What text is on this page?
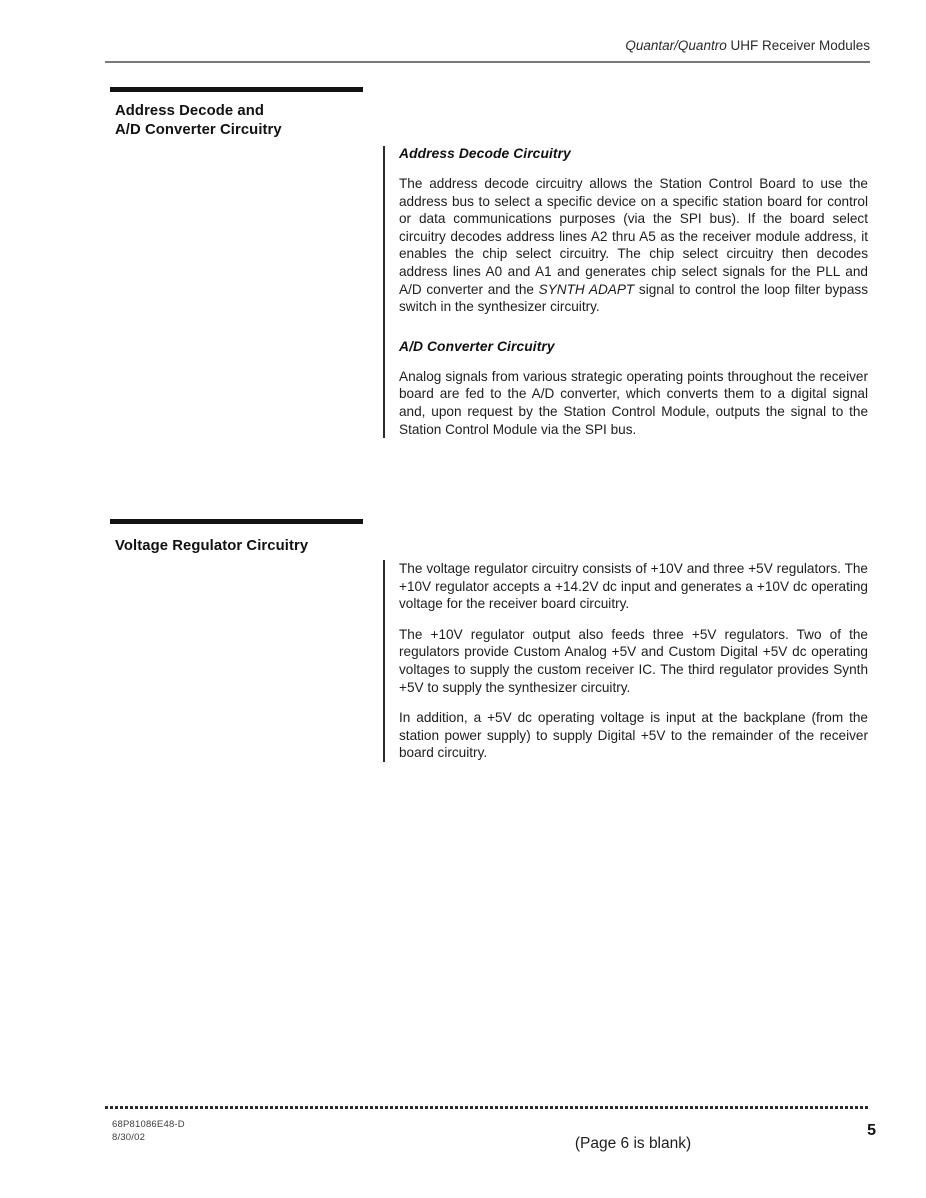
Quantar/Quantro UHF Receiver Modules
Address Decode and
A/D Converter Circuitry
Address Decode Circuitry

The address decode circuitry allows the Station Control Board to use the address bus to select a specific device on a specific station board for control or data communications purposes (via the SPI bus). If the board select circuitry decodes address lines A2 thru A5 as the receiver module address, it enables the chip select circuitry. The chip select circuitry then decodes address lines A0 and A1 and generates chip select signals for the PLL and A/D converter and the SYNTH ADAPT signal to control the loop filter bypass switch in the synthesizer circuitry.

A/D Converter Circuitry

Analog signals from various strategic operating points throughout the receiver board are fed to the A/D converter, which converts them to a digital signal and, upon request by the Station Control Module, outputs the signal to the Station Control Module via the SPI bus.

Voltage Regulator Circuitry

The voltage regulator circuitry consists of +10V and three +5V regulators. The +10V regulator accepts a +14.2V dc input and generates a +10V dc operating voltage for the receiver board circuitry.

The +10V regulator output also feeds three +5V regulators. Two of the regulators provide Custom Analog +5V and Custom Digital +5V dc operating voltages to supply the custom receiver IC. The third regulator provides Synth +5V to supply the synthesizer circuitry.

In addition, a +5V dc operating voltage is input at the backplane (from the station power supply) to supply Digital +5V to the remainder of the receiver board circuitry.

68P81086E48-D
8/30/02	(Page 6 is blank)
5
